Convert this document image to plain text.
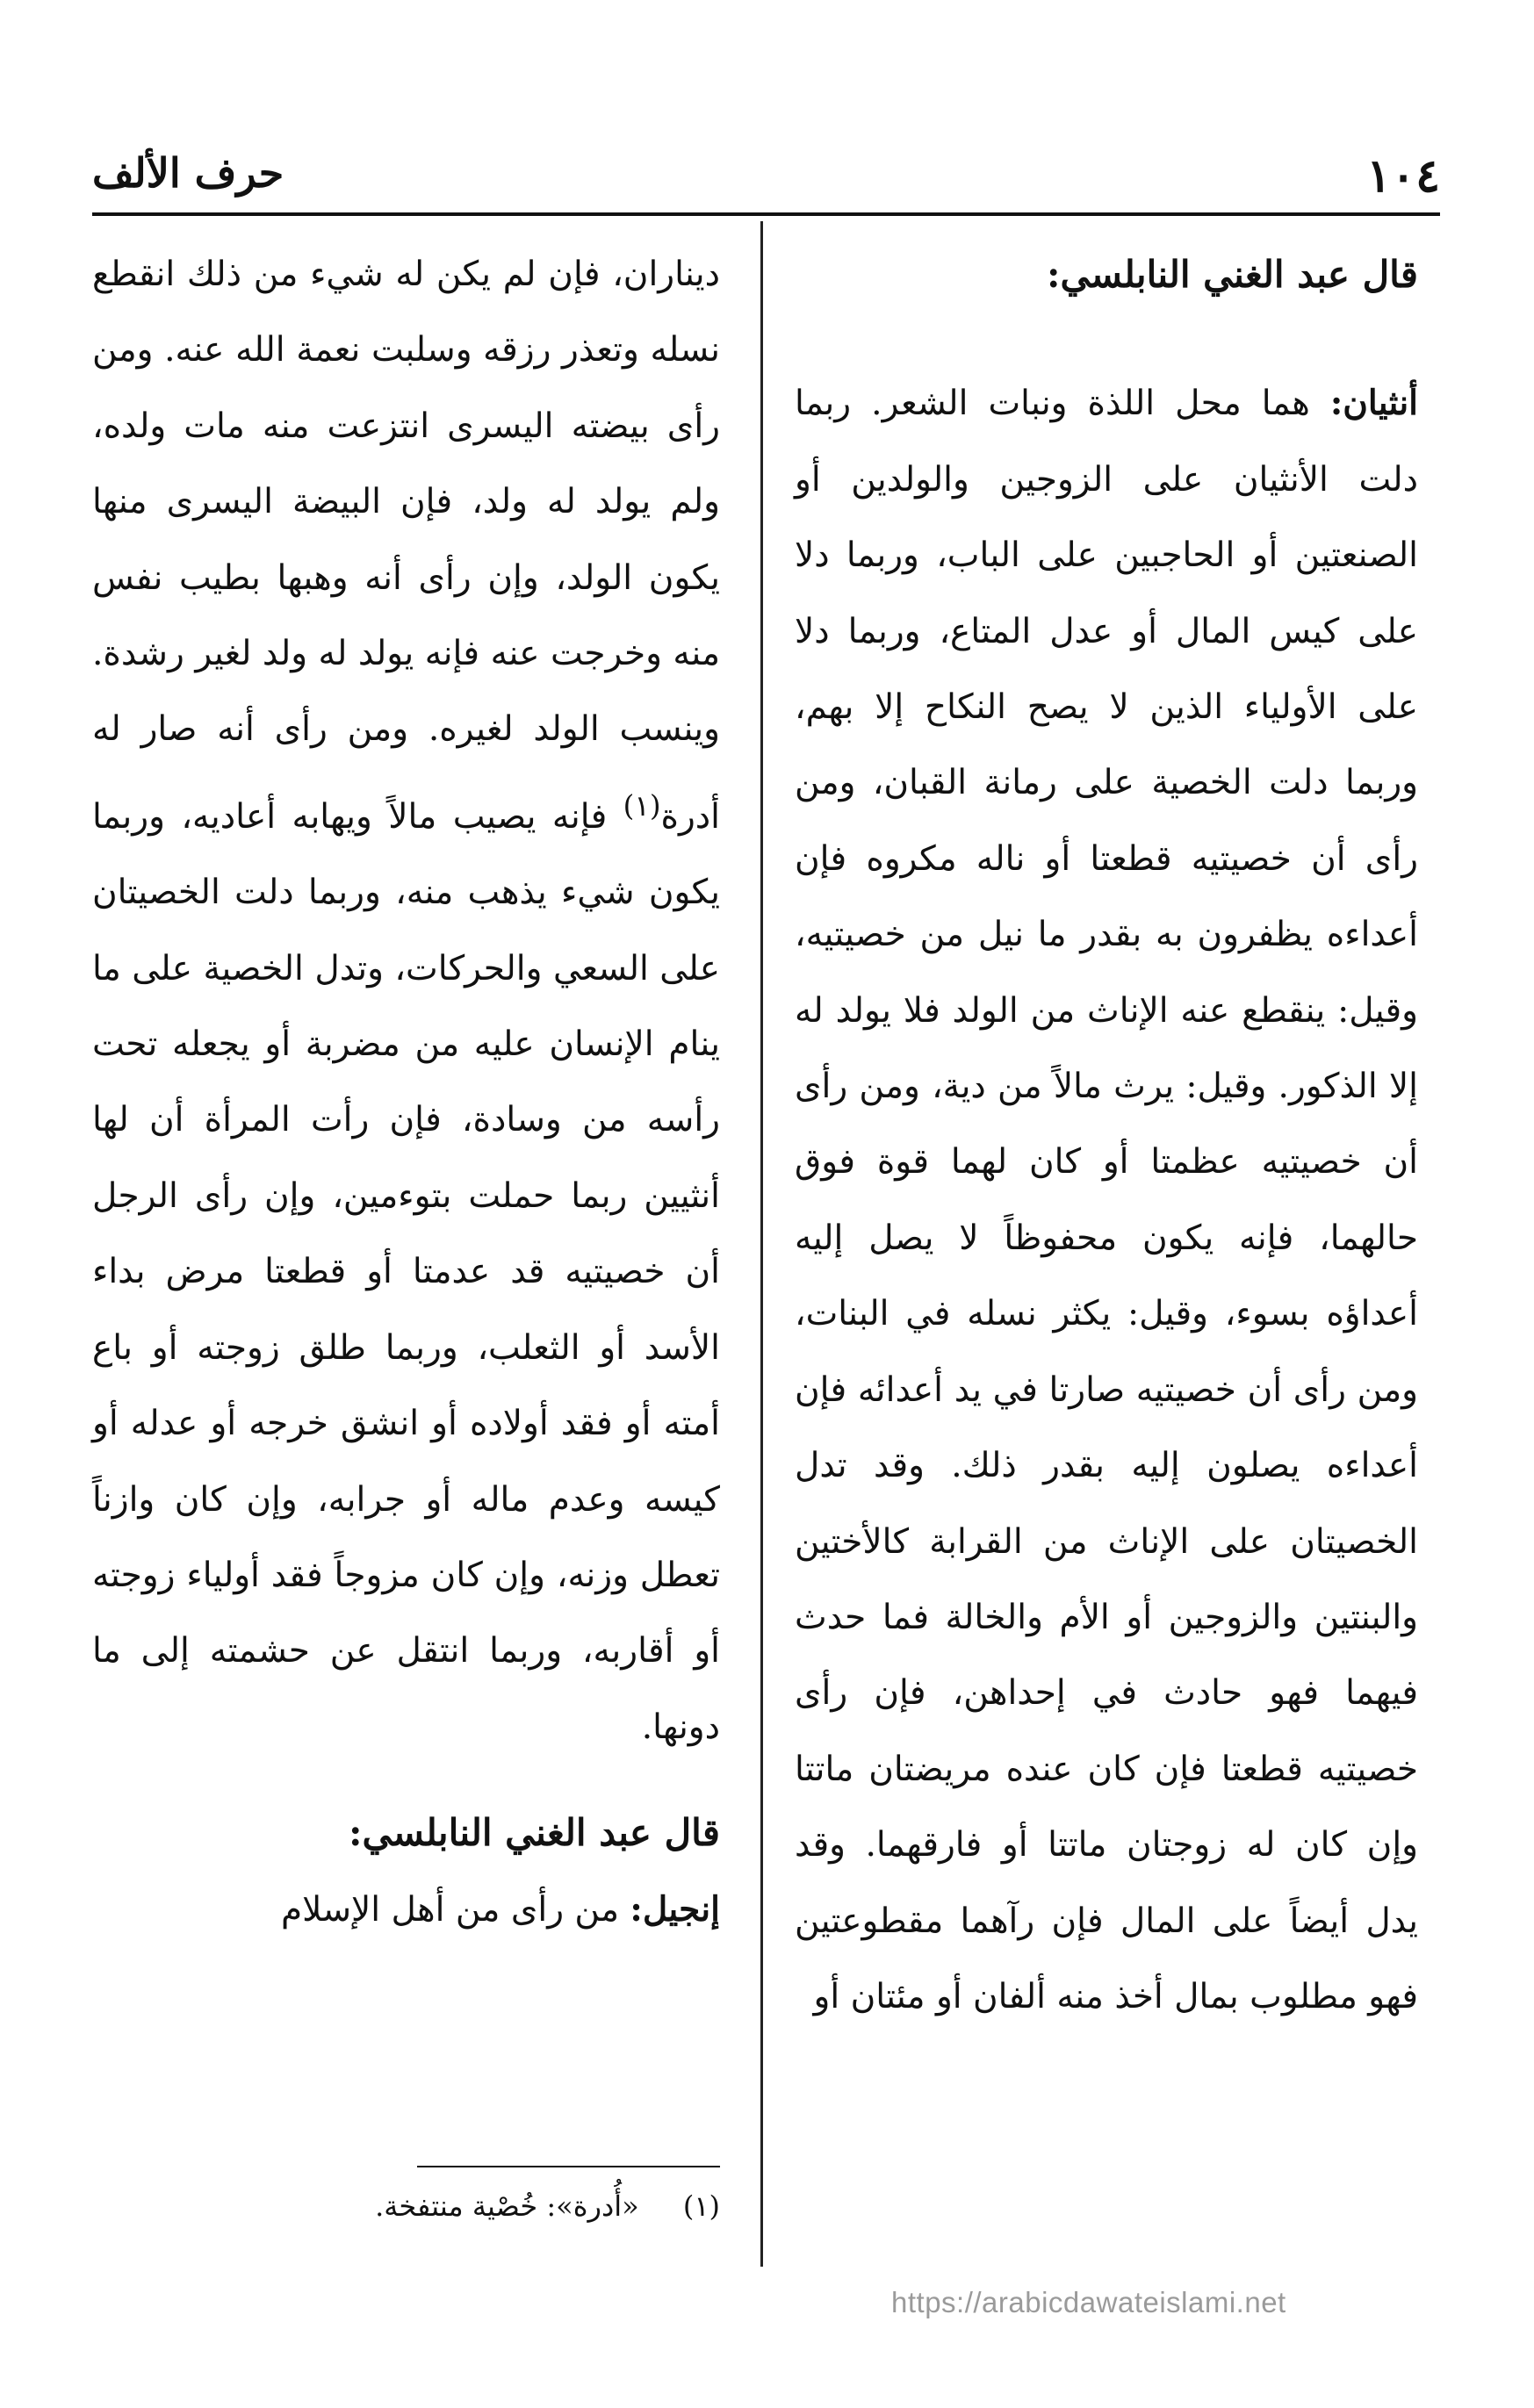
١٠٤
حرف الألف

قال عبد الغني النابلسي:

أنثيان: هما محل اللذة ونبات الشعر. ربما دلت الأنثيان على الزوجين والولدين أو الصنعتين أو الحاجبين على الباب، وربما دلا على كيس المال أو عدل المتاع، وربما دلا على الأولياء الذين لا يصح النكاح إلا بهم، وربما دلت الخصية على رمانة القبان، ومن رأى أن خصيتيه قطعتا أو ناله مكروه فإن أعداءه يظفرون به بقدر ما نيل من خصيتيه، وقيل: ينقطع عنه الإناث من الولد فلا يولد له إلا الذكور. وقيل: يرث مالاً من دية، ومن رأى أن خصيتيه عظمتا أو كان لهما قوة فوق حالهما، فإنه يكون محفوظاً لا يصل إليه أعداؤه بسوء، وقيل: يكثر نسله في البنات، ومن رأى أن خصيتيه صارتا في يد أعدائه فإن أعداءه يصلون إليه بقدر ذلك. وقد تدل الخصيتان على الإناث من القرابة كالأختين والبنتين والزوجين أو الأم والخالة فما حدث فيهما فهو حادث في إحداهن، فإن رأى خصيتيه قطعتا فإن كان عنده مريضتان ماتتا وإن كان له زوجتان ماتتا أو فارقهما. وقد يدل أيضاً على المال فإن رآهما مقطوعتين فهو مطلوب بمال أخذ منه ألفان أو مئتان أو

ديناران، فإن لم يكن له شيء من ذلك انقطع نسله وتعذر رزقه وسلبت نعمة الله عنه. ومن رأى بيضته اليسرى انتزعت منه مات ولده، ولم يولد له ولد، فإن البيضة اليسرى منها يكون الولد، وإن رأى أنه وهبها بطيب نفس منه وخرجت عنه فإنه يولد له ولد لغير رشدة. وينسب الولد لغيره. ومن رأى أنه صار له أدرة$^{(١)}$ فإنه يصيب مالاً ويهابه أعاديه، وربما يكون شيء يذهب منه، وربما دلت الخصيتان على السعي والحركات، وتدل الخصية على ما ينام الإنسان عليه من مضربة أو يجعله تحت رأسه من وسادة، فإن رأت المرأة أن لها أنثيين ربما حملت بتوءمين، وإن رأى الرجل أن خصيتيه قد عدمتا أو قطعتا مرض بداء الأسد أو الثعلب، وربما طلق زوجته أو باع أمته أو فقد أولاده أو انشق خرجه أو عدله أو كيسه وعدم ماله أو جرابه، وإن كان وازناً تعطل وزنه، وإن كان مزوجاً فقد أولياء زوجته أو أقاربه، وربما انتقل عن حشمته إلى ما دونها.

قال عبد الغني النابلسي:

إنجيل: من رأى من أهل الإسلام

(١) «أُدرة»: خُصْية منتفخة.
https://arabicdawateislami.net
